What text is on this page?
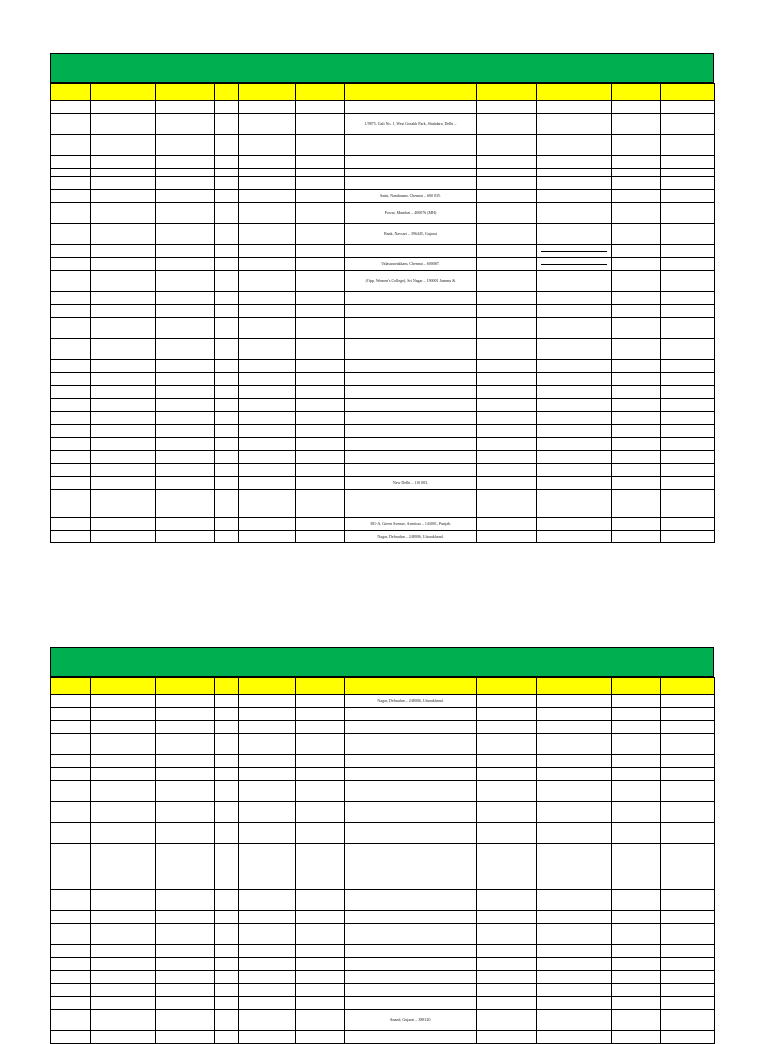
						1/9875, Gali No. 1, West Gorakh Park, Shahdara, Delhi –				

						Saint, Nandanam, Chennai – 600 035.				
						Powai, Mumbai – 400076 (MH)				
						Bank, Navsari – 396445, Gujarat				

						Valasaravakkam, Chennai – 600087.		

						(Opp. Women's College), Sri Nagar – 190001 Jammu &				

						New Delhi – 110 003.				

						381-A, Green Avenue, Amritsar – 143001, Punjab.				
						Nagar, Dehradun – 248006, Uttarakhand.				

						Nagar, Dehradun – 248006, Uttarakhand.				

						Anand, Gujarat – 388120.				
